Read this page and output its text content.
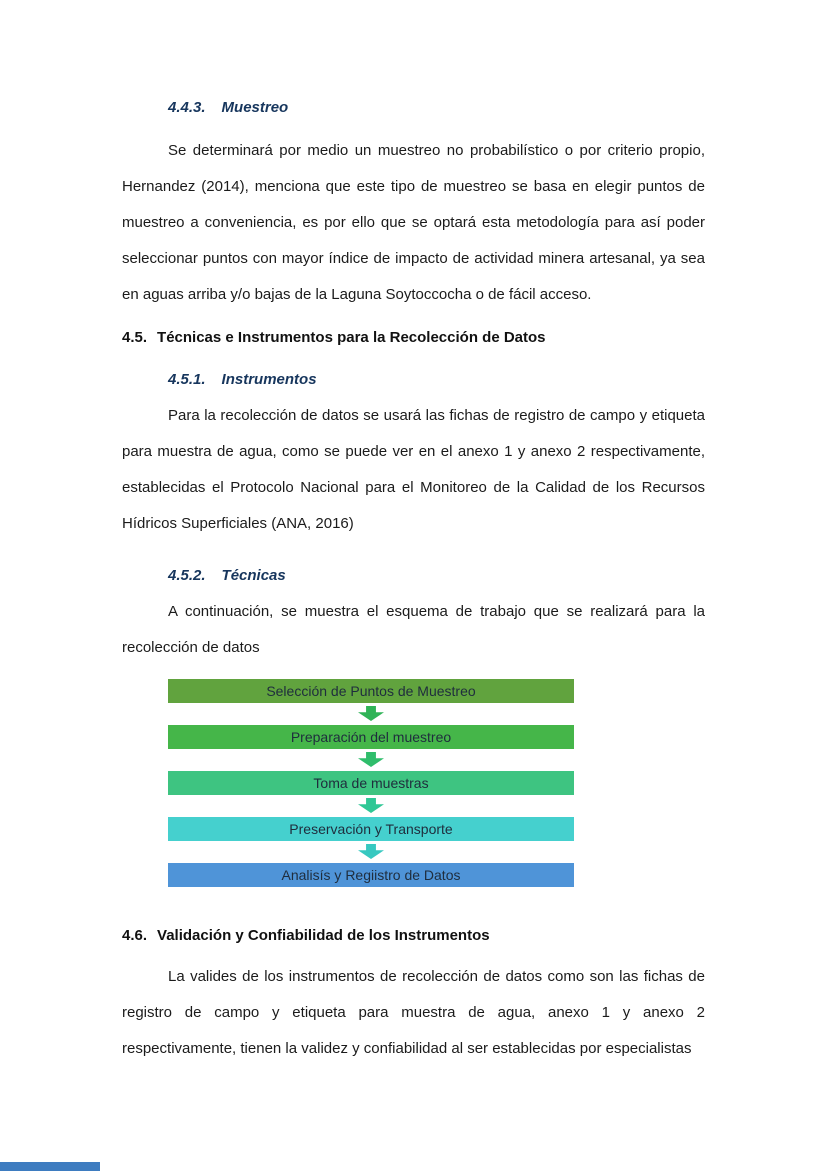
4.4.3. Muestreo

Se determinará por medio un muestreo no probabilístico o por criterio propio, Hernandez (2014), menciona que este tipo de muestreo se basa en elegir puntos de muestreo a conveniencia, es por ello que se optará esta metodología para así poder seleccionar puntos con mayor índice de impacto de actividad minera artesanal, ya sea en aguas arriba y/o bajas de la Laguna Soytoccocha o de fácil acceso.

4.5. Técnicas e Instrumentos para la Recolección de Datos
4.5.1. Instrumentos

Para la recolección de datos se usará las fichas de registro de campo y etiqueta para muestra de agua, como se puede ver en el anexo 1 y anexo 2 respectivamente, establecidas el Protocolo Nacional para el Monitoreo de la Calidad de los Recursos Hídricos Superficiales (ANA, 2016)

4.5.2. Técnicas

A continuación, se muestra el esquema de trabajo que se realizará para la recolección de datos

Selección de Puntos de Muestreo
Preparación del muestreo
Toma de muestras
Preservación y Transporte
Analisís y Regiistro de Datos
4.6. Validación y Confiabilidad de los Instrumentos

La valides de los instrumentos de recolección de datos como son las fichas de registro de campo y etiqueta para muestra de agua, anexo 1 y anexo 2 respectivamente, tienen la validez y confiabilidad al ser establecidas por especialistas
